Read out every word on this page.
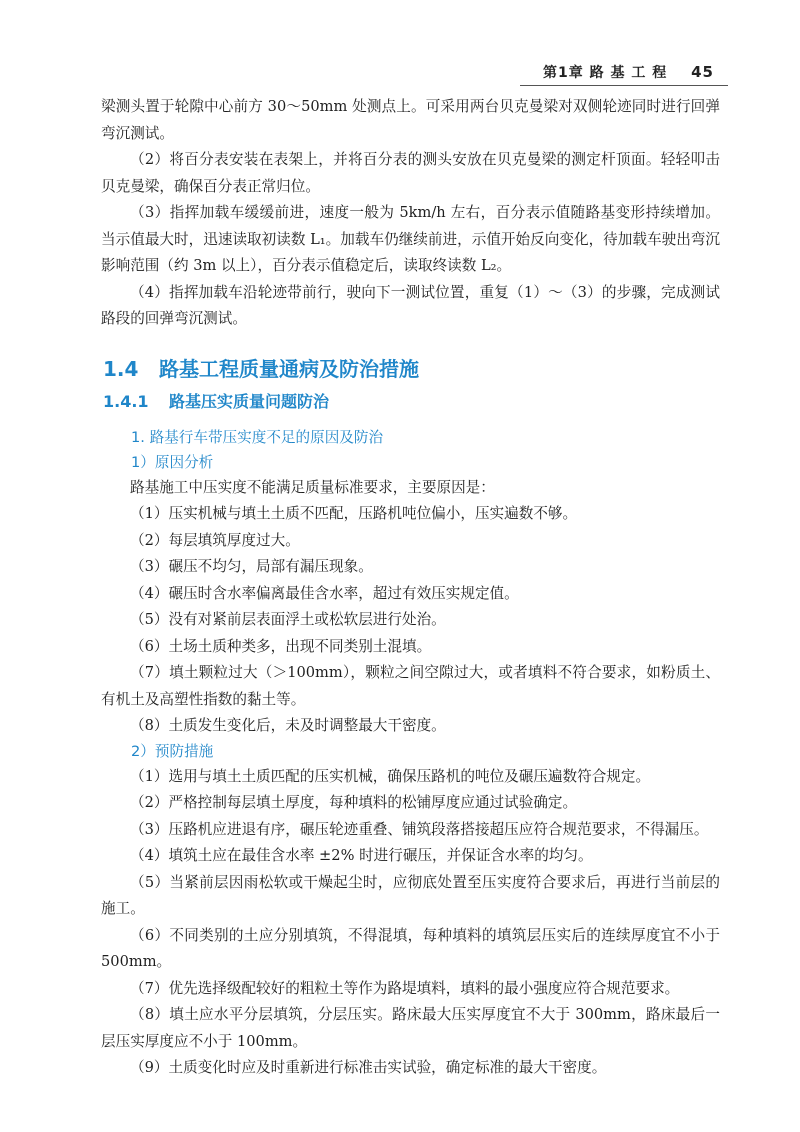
第1章 路 基 工 程 45

梁测头置于轮隙中心前方 30～50mm 处测点上。可采用两台贝克曼梁对双侧轮迹同时进行回弹弯沉测试。

（2）将百分表安装在表架上，并将百分表的测头安放在贝克曼梁的测定杆顶面。轻轻叩击贝克曼梁，确保百分表正常归位。

（3）指挥加载车缓缓前进，速度一般为 5km/h 左右，百分表示值随路基变形持续增加。当示值最大时，迅速读取初读数 L₁。加载车仍继续前进，示值开始反向变化，待加载车驶出弯沉影响范围（约 3m 以上），百分表示值稳定后，读取终读数 L₂。

（4）指挥加载车沿轮迹带前行，驶向下一测试位置，重复（1）～（3）的步骤，完成测试路段的回弹弯沉测试。

1.4 路基工程质量通病及防治措施
1.4.1 路基压实质量问题防治
1. 路基行车带压实度不足的原因及防治
1）原因分析

路基施工中压实度不能满足质量标准要求，主要原因是：

（1）压实机械与填土土质不匹配，压路机吨位偏小，压实遍数不够。

（2）每层填筑厚度过大。

（3）碾压不均匀，局部有漏压现象。

（4）碾压时含水率偏离最佳含水率，超过有效压实规定值。

（5）没有对紧前层表面浮土或松软层进行处治。

（6）土场土质种类多，出现不同类别土混填。

（7）填土颗粒过大（＞100mm），颗粒之间空隙过大，或者填料不符合要求，如粉质土、有机土及高塑性指数的黏土等。

（8）土质发生变化后，未及时调整最大干密度。

2）预防措施

（1）选用与填土土质匹配的压实机械，确保压路机的吨位及碾压遍数符合规定。

（2）严格控制每层填土厚度，每种填料的松铺厚度应通过试验确定。

（3）压路机应进退有序，碾压轮迹重叠、铺筑段落搭接超压应符合规范要求，不得漏压。

（4）填筑土应在最佳含水率 ±2% 时进行碾压，并保证含水率的均匀。

（5）当紧前层因雨松软或干燥起尘时，应彻底处置至压实度符合要求后，再进行当前层的施工。

（6）不同类别的土应分别填筑，不得混填，每种填料的填筑层压实后的连续厚度宜不小于 500mm。

（7）优先选择级配较好的粗粒土等作为路堤填料，填料的最小强度应符合规范要求。

（8）填土应水平分层填筑，分层压实。路床最大压实厚度宜不大于 300mm，路床最后一层压实厚度应不小于 100mm。

（9）土质变化时应及时重新进行标准击实试验，确定标准的最大干密度。
